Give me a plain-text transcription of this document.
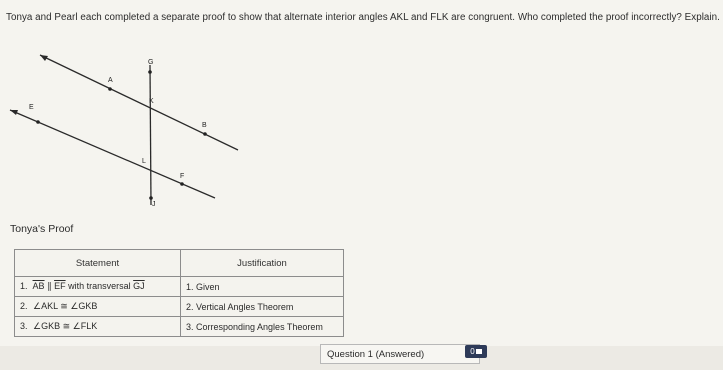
Tonya and Pearl each completed a separate proof to show that alternate interior angles AKL and FLK are congruent. Who completed the proof incorrectly? Explain.
G
A
K
E
B
L
F
J
Tonya's Proof
Statement	Justification
1. $\overline{AB}$ ∥ $\overline{EF}$ with transversal $\overline{GJ}$	1. Given
2. ∠AKL ≅ ∠GKB	2. Vertical Angles Theorem
3. ∠GKB ≅ ∠FLK	3. Corresponding Angles Theorem
Question 1 (Answered)	0
